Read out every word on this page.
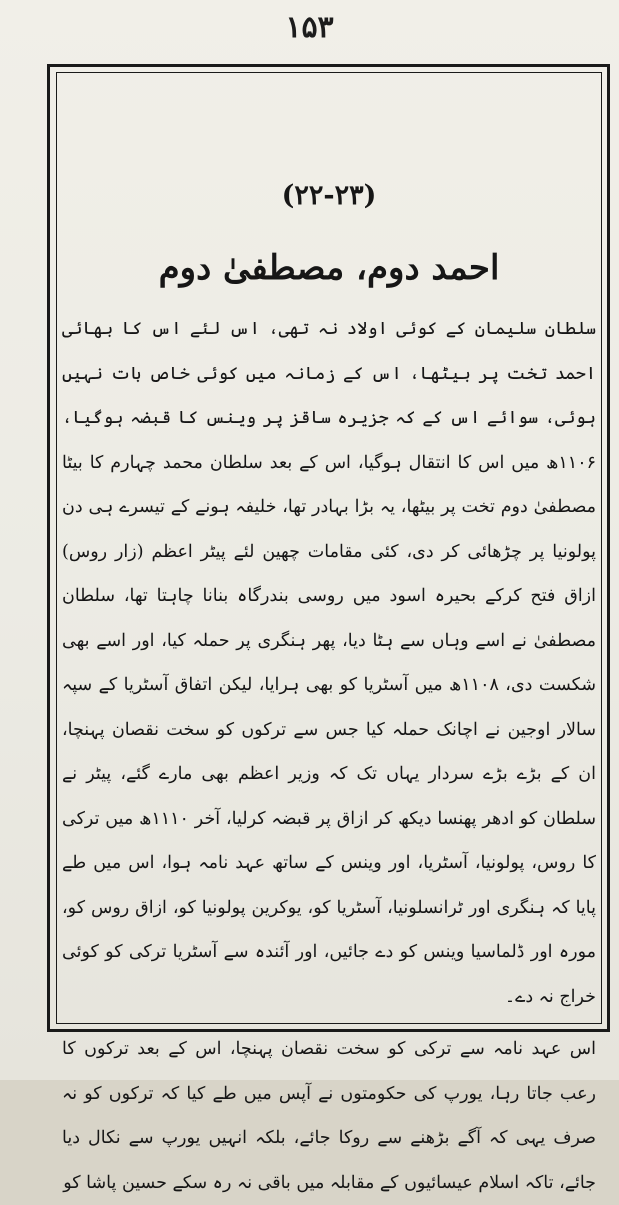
۱۵۳
(۲۲-۲۳)
احمد دوم، مصطفیٰ دوم

سلطان سلیمان کے کوئی اولاد نہ تھی، اس لئے اس کا بھائی احمد تخت پر بیٹھا، اس کے زمانہ میں کوئی خاص بات نہیں ہوئی، سوائے اس کے کہ جزیرہ ساقز پر وینس کا قبضہ ہوگیا، ۱۱۰۶ھ میں اس کا انتقال ہوگیا، اس کے بعد سلطان محمد چہارم کا بیٹا مصطفیٰ دوم تخت پر بیٹھا، یہ بڑا بہادر تھا، خلیفہ ہونے کے تیسرے ہی دن پولونیا پر چڑھائی کر دی، کئی مقامات چھین لئے پیٹر اعظم (زار روس) ازاق فتح کرکے بحیرہ اسود میں روسی بندرگاہ بنانا چاہتا تھا، سلطان مصطفیٰ نے اسے وہاں سے ہٹا دیا، پھر ہنگری پر حملہ کیا، اور اسے بھی شکست دی، ۱۱۰۸ھ میں آسٹریا کو بھی ہرایا، لیکن اتفاق آسٹریا کے سپہ سالار اوجین نے اچانک حملہ کیا جس سے ترکوں کو سخت نقصان پہنچا، ان کے بڑے بڑے سردار یہاں تک کہ وزیر اعظم بھی مارے گئے، پیٹر نے سلطان کو ادھر پھنسا دیکھ کر ازاق پر قبضہ کرلیا، آخر ۱۱۱۰ھ میں ترکی کا روس، پولونیا، آسٹریا، اور وینس کے ساتھ عہد نامہ ہوا، اس میں طے پایا کہ ہنگری اور ٹرانسلونیا، آسٹریا کو، یوکرین پولونیا کو، ازاق روس کو، مورہ اور ڈلماسیا وینس کو دے جائیں، اور آئندہ سے آسٹریا ترکی کو کوئی خراج نہ دے۔

اس عہد نامہ سے ترکی کو سخت نقصان پہنچا، اس کے بعد ترکوں کا رعب جاتا رہا، یورپ کی حکومتوں نے آپس میں طے کیا کہ ترکوں کو نہ صرف یہی کہ آگے بڑھنے سے روکا جائے، بلکہ انہیں یورپ سے نکال دیا جائے، تاکہ اسلام عیسائیوں کے مقابلہ میں باقی نہ رہ سکے حسین پاشا کو
